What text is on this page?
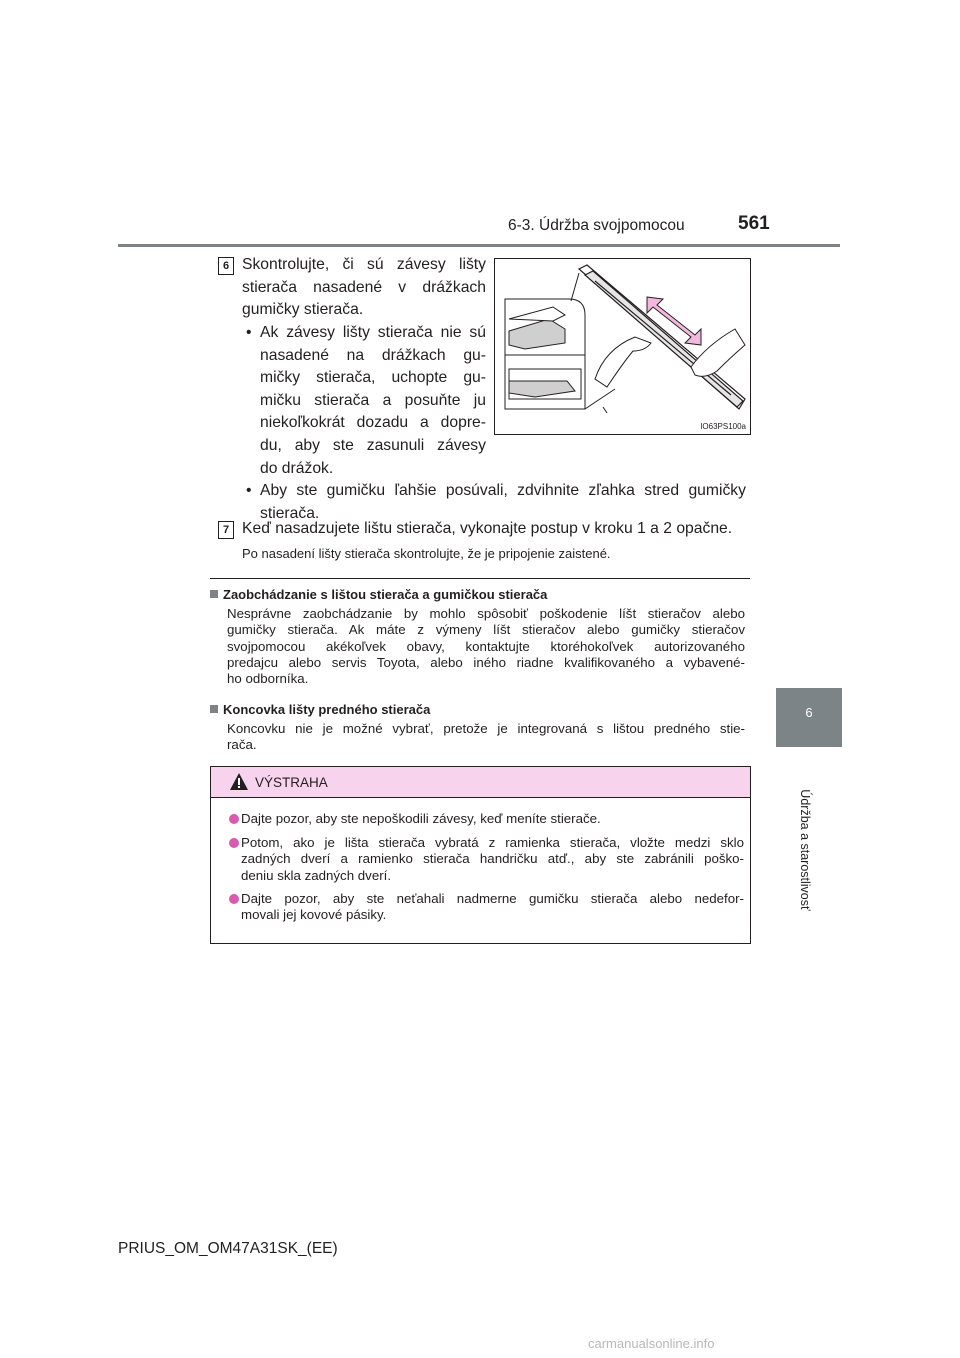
6-3. Údržba svojpomocou	561
6
Údržba a starostlivosť
6 Skontrolujte, či sú závesy lišty
stierača nasadené v drážkach
gumičky stierača.
• Ak závesy lišty stierača nie sú
nasadené na drážkach gu-
mičky stierača, uchopte gu-
mičku stierača a posuňte ju
niekoľkokrát dozadu a dopre-
du, aby ste zasunuli závesy
do drážok.
• Aby ste gumičku ľahšie posúvali, zdvihnite zľahka stred gumičky
stierača.
IO63PS100a
7 Keď nasadzujete lištu stierača, vykonajte postup v kroku 1 a 2 opačne.
Po nasadení lišty stierača skontrolujte, že je pripojenie zaistené.
Zaobchádzanie s lištou stierača a gumičkou stierača
Nesprávne zaobchádzanie by mohlo spôsobiť poškodenie líšt stieračov alebo
gumičky stierača. Ak máte z výmeny líšt stieračov alebo gumičky stieračov
svojpomocou akékoľvek obavy, kontaktujte ktoréhokoľvek autorizovaného
predajcu alebo servis Toyota, alebo iného riadne kvalifikovaného a vybavené-
ho odborníka.
Koncovka lišty predného stierača
Koncovku nie je možné vybrať, pretože je integrovaná s lištou predného stie-
rača.
VÝSTRAHA
Dajte pozor, aby ste nepoškodili závesy, keď meníte stierače.
Potom, ako je lišta stierača vybratá z ramienka stierača, vložte medzi sklo
zadných dverí a ramienko stierača handričku atď., aby ste zabránili poško-
deniu skla zadných dverí.
Dajte pozor, aby ste neťahali nadmerne gumičku stierača alebo nedefor-
movali jej kovové pásiky.
PRIUS_OM_OM47A31SK_(EE)
carmanualsonline.info
